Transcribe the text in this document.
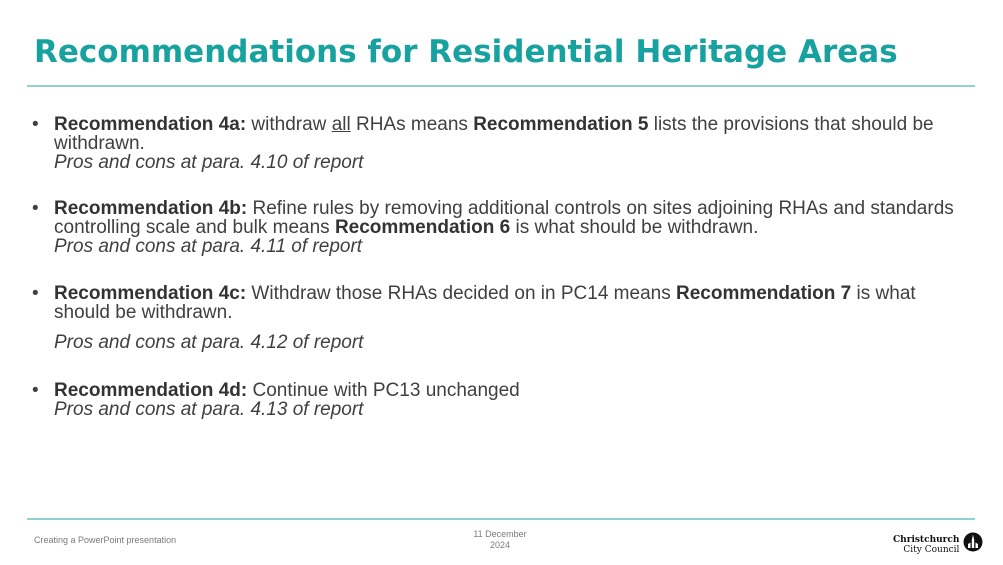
Recommendations for Residential Heritage Areas
• Recommendation 4a: withdraw all RHAs means Recommendation 5 lists the provisions that should be withdrawn.
Pros and cons at para. 4.10 of report
• Recommendation 4b: Refine rules by removing additional controls on sites adjoining RHAs and standards controlling scale and bulk means Recommendation 6 is what should be withdrawn.
Pros and cons at para. 4.11 of report
• Recommendation 4c: Withdraw those RHAs decided on in PC14 means Recommendation 7 is what should be withdrawn.
Pros and cons at para. 4.12 of report
• Recommendation 4d: Continue with PC13 unchanged
Pros and cons at para. 4.13 of report
Creating a PowerPoint presentation
11 December
2024
Christchurch
City Council
